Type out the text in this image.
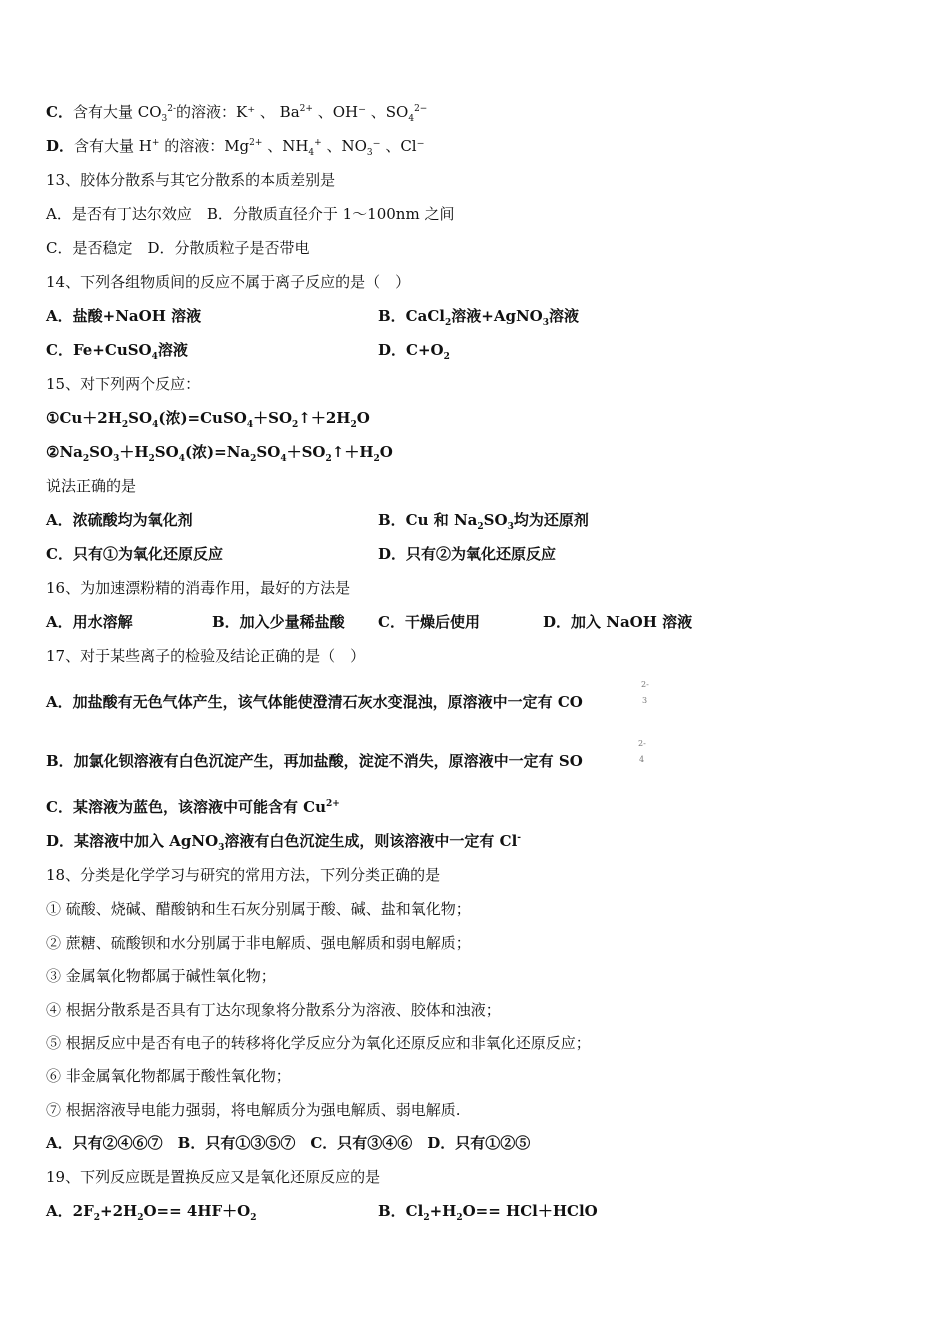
C．含有大量 $CO_3^{2-}$的溶液：K⁺ 、 $Ba^{2+}$ 、OH⁻ 、$SO_4^{2-}$
D．含有大量 H+ 的溶液：$Mg^{2+}$ 、$NH_4^+$ 、$NO_3^-$ 、Cl⁻
13、胶体分散系与其它分散系的本质差别是
A．是否有丁达尔效应　B．分散质直径介于 1～100nm 之间
C．是否稳定　D．分散质粒子是否带电
14、下列各组物质间的反应不属于离子反应的是（　）
A．盐酸+NaOH 溶液	B．CaCl$_2$溶液+AgNO$_3$溶液
C．Fe+CuSO$_4$溶液	D．$C+O_2$
15、对下列两个反应：
$①Cu+2H_2SO_4$(浓)$=CuSO_4+SO_2↑+2H_2O$
$②Na_2SO_3+H_2SO_4$(浓)$=Na_2SO_4+SO_2↑+H_2O$
说法正确的是
A．浓硫酸均为氧化剂	B．Cu 和 $Na_2SO_3$均为还原剂
C．只有①为氧化还原反应	D．只有②为氧化还原反应
16、为加速漂粉精的消毒作用，最好的方法是
A．用水溶解	B．加入少量稀盐酸 C．干燥后使用	D．加入 NaOH 溶液
17、对于某些离子的检验及结论正确的是（　）
A．加盐酸有无色气体产生，该气体能使澄清石灰水变混浊，原溶液中一定有 CO
2-
3
B．加氯化钡溶液有白色沉淀产生，再加盐酸，淀淀不消失，原溶液中一定有 SO
2-
4
C．某溶液为蓝色，该溶液中可能含有 $Cu^{2+}$
D．某溶液中加入 AgNO$_3$溶液有白色沉淀生成，则该溶液中一定有 Cl-
18、分类是化学学习与研究的常用方法，下列分类正确的是
① 硫酸、烧碱、醋酸钠和生石灰分别属于酸、碱、盐和氧化物；
② 蔗糖、硫酸钡和水分别属于非电解质、强电解质和弱电解质；
③ 金属氧化物都属于碱性氧化物；
④ 根据分散系是否具有丁达尔现象将分散系分为溶液、胶体和浊液；
⑤ 根据反应中是否有电子的转移将化学反应分为氧化还原反应和非氧化还原反应；
⑥ 非金属氧化物都属于酸性氧化物；
⑦ 根据溶液导电能力强弱，将电解质分为强电解质、弱电解质.
A．只有②④⑥⑦　B．只有①③⑤⑦　C．只有③④⑥　D．只有①②⑤
19、下列反应既是置换反应又是氧化还原反应的是
A．$2F_2+2H_2O== 4HF+O_2$	B．$Cl_2+H_2O==$ HCl＋HClO
